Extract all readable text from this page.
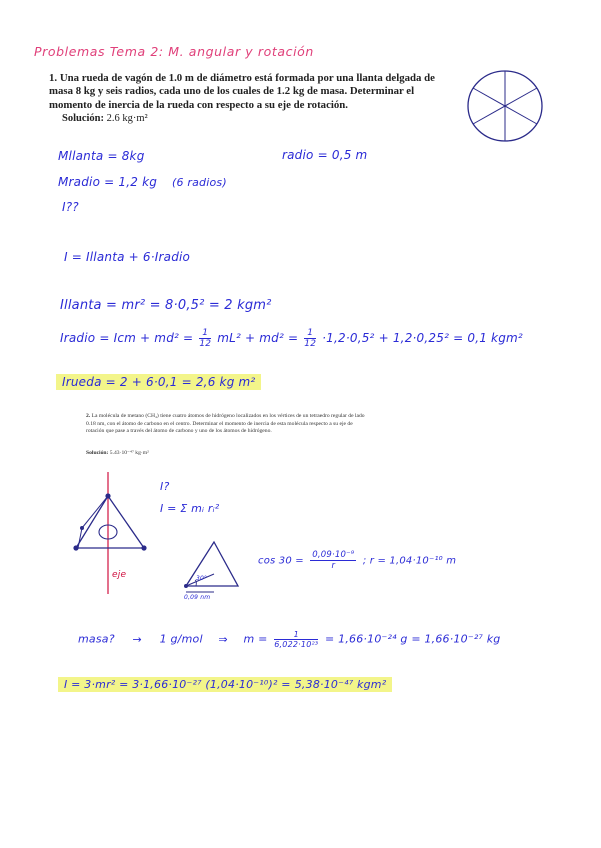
Problemas Tema 2: M. angular y rotación
1. Una rueda de vagón de 1.0 m de diámetro está formada por una llanta delgada de masa 8 kg y seis radios, cada uno de los cuales de 1.2 kg de masa. Determinar el momento de inercia de la rueda con respecto a su eje de rotación.
Solución: 2.6 kg·m²
Mllanta = 8kg	radio = 0,5 m
Mradio = 1,2 kg (6 radios)
I??
I = Illanta + 6·Iradio
Illanta = mr² = 8·0,5² = 2 kgm²
Iradio = Icm + $md^2 = \frac{1}{12} mL^2 + md^2 = \frac{1}{12} \cdot 1,2\cdot 0,5^2 + 1,2\cdot 0,25^2 = 0,1$ kgm²
Irueda = 2 + 6·0,1 = 2,6 kg m²
2. La molécula de metano (CH₄) tiene cuatro átomos de hidrógeno localizados en los vértices de un tetraedro regular de lado 0.18 nm, con el átomo de carbono en el centro. Determinar el momento de inercia de esta molécula respecto a su eje de rotación que pase a través del átomo de carbono y uno de los átomos de hidrógeno.
Solución: 5.43·10⁻⁴⁷ kg·m²
eje	30°
0,09 nm
I?
I = Σ mᵢ rᵢ²
$\cos 30 = \frac{\text{0,09·10⁻⁹}}{r}$ ; r = 1,04·10⁻¹⁰ m
masa? → 1 g/mol ⇒ $m = \frac{1}{\text{6,022·10²³}} = 1,66\cdot 10^{-24}$ g = 1,66·10⁻²⁷ kg
I = 3·mr² = 3·1,66·10⁻²⁷ (1,04·10⁻¹⁰)² = 5,38·10⁻⁴⁷ kgm²
